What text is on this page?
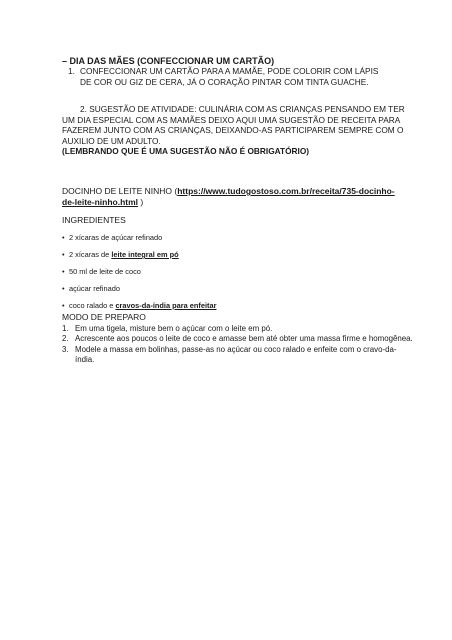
– DIA DAS MÃES (CONFECCIONAR UM CARTÃO)
1. CONFECCIONAR UM CARTÃO PARA A MAMÃE, PODE COLORIR COM LÁPIS DE COR OU GIZ DE CERA, JÁ O CORAÇÃO PINTAR COM TINTA GUACHE.
2. SUGESTÃO DE ATIVIDADE: CULINÁRIA COM AS CRIANÇAS PENSANDO EM TER UM DIA ESPECIAL COM AS MAMÃES DEIXO AQUI UMA SUGESTÃO DE RECEITA PARA FAZEREM JUNTO COM AS CRIANÇAS, DEIXANDO-AS PARTICIPAREM SEMPRE COM O AUXILIO DE UM ADULTO.
(LEMBRANDO QUE É UMA SUGESTÃO NÃO É OBRIGATÓRIO)
DOCINHO DE LEITE NINHO (https://www.tudogostoso.com.br/receita/735-docinho-de-leite-ninho.html )
INGREDIENTES
• 2 xícaras de açúcar refinado
• 2 xícaras de leite integral em pó
• 50 ml de leite de coco
• açúcar refinado
• coco ralado e cravos-da-índia para enfeitar
MODO DE PREPARO
1. Em uma tigela, misture bem o açúcar com o leite em pó.
2. Acrescente aos poucos o leite de coco e amasse bem até obter uma massa firme e homogênea.
3. Modele a massa em bolinhas, passe-as no açúcar ou coco ralado e enfeite com o cravo-da-índia.
